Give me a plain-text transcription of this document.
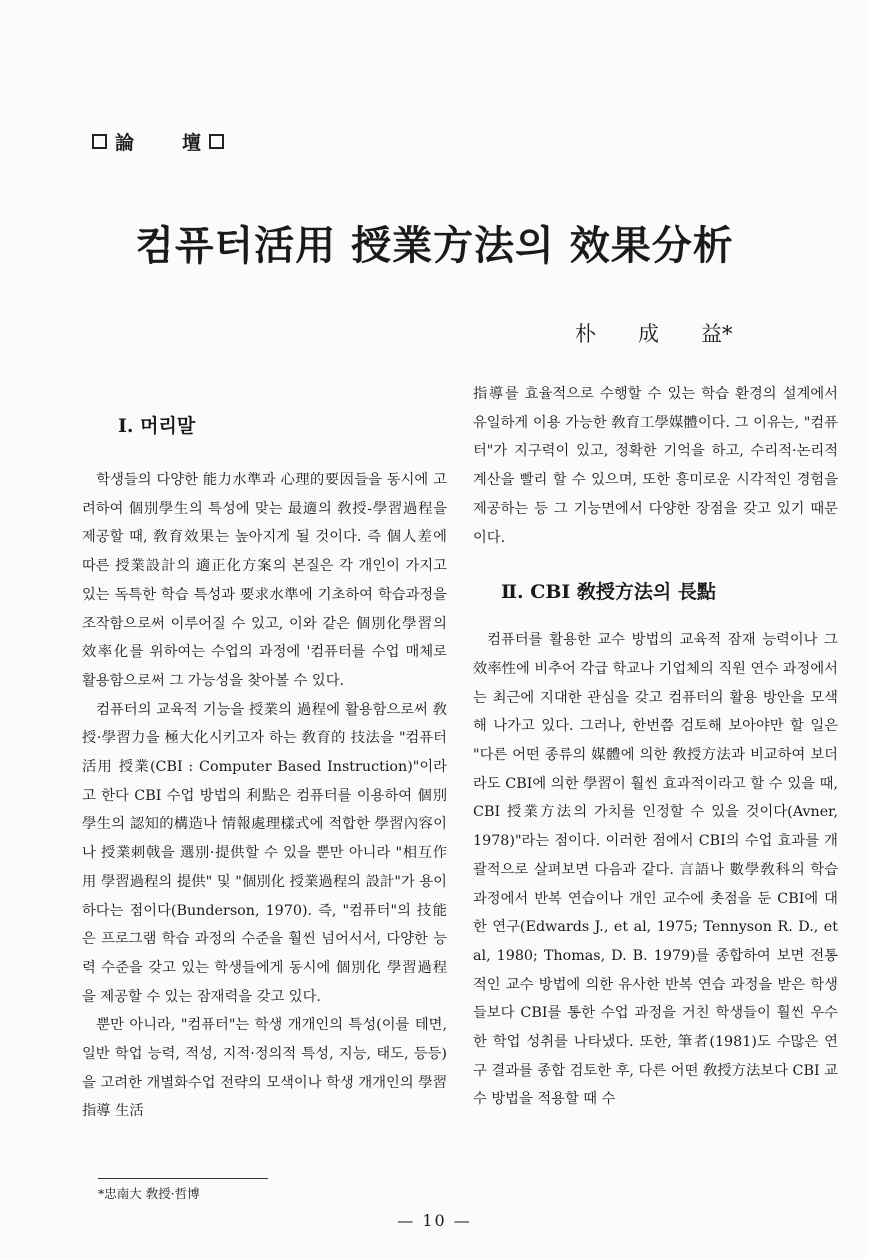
論 壇
컴퓨터活用 授業方法의 效果分析
朴　　成　　益*
Ⅰ. 머리말

학생들의 다양한 能力水準과 心理的要因들을 동시에 고려하여 個別學生의 특성에 맞는 最適의 敎授-學習過程을 제공할 때, 敎育效果는 높아지게 될 것이다. 즉 個人差에 따른 授業設計의 適正化方案의 본질은 각 개인이 가지고 있는 독특한 학습 특성과 要求水準에 기초하여 학습과정을 조작함으로써 이루어질 수 있고, 이와 같은 個別化學習의 效率化를 위하여는 수업의 과정에 '컴퓨터를 수업 매체로 활용함으로써 그 가능성을 찾아볼 수 있다.

컴퓨터의 교육적 기능을 授業의 過程에 활용함으로써 敎授·學習力을 極大化시키고자 하는 敎育的 技法을 "컴퓨터活用 授業(CBI : Computer Based Instruction)"이라고 한다 CBI 수업 방법의 利點은 컴퓨터를 이용하여 個別學生의 認知的構造나 情報處理樣式에 적합한 學習內容이나 授業刺戟을 選別·提供할 수 있을 뿐만 아니라 "相互作用 學習過程의 提供" 및 "個別化 授業過程의 設計"가 용이하다는 점이다(Bunderson, 1970). 즉, "컴퓨터"의 技能은 프로그램 학습 과정의 수준을 훨씬 넘어서서, 다양한 능력 수준을 갖고 있는 학생들에게 동시에 個別化 學習過程을 제공할 수 있는 잠재력을 갖고 있다.

뿐만 아니라, "컴퓨터"는 학생 개개인의 특성(이를 테면, 일반 학업 능력, 적성, 지적·정의적 특성, 지능, 태도, 등등)을 고려한 개별화수업 전략의 모색이나 학생 개개인의 學習指導 生活

指導를 효율적으로 수행할 수 있는 학습 환경의 설계에서 유일하게 이용 가능한 敎育工學媒體이다. 그 이유는, "컴퓨터"가 지구력이 있고, 정확한 기억을 하고, 수리적·논리적 계산을 빨리 할 수 있으며, 또한 흥미로운 시각적인 경험을 제공하는 등 그 기능면에서 다양한 장점을 갖고 있기 때문이다.

Ⅱ. CBI 敎授方法의 長點

컴퓨터를 활용한 교수 방법의 교육적 잠재 능력이나 그 效率性에 비추어 각급 학교나 기업체의 직원 연수 과정에서는 최근에 지대한 관심을 갖고 컴퓨터의 활용 방안을 모색해 나가고 있다. 그러나, 한번쯤 검토해 보아야만 할 일은 "다른 어떤 종류의 媒體에 의한 敎授方法과 비교하여 보더라도 CBI에 의한 學習이 훨씬 효과적이라고 할 수 있을 때, CBI 授業方法의 가치를 인정할 수 있을 것이다(Avner, 1978)"라는 점이다. 이러한 점에서 CBI의 수업 효과를 개괄적으로 살펴보면 다음과 같다. 言語나 數學敎科의 학습과정에서 반복 연습이나 개인 교수에 촛점을 둔 CBI에 대한 연구(Edwards J., et al, 1975; Tennyson R. D., et al, 1980; Thomas, D. B. 1979)를 종합하여 보면 전통적인 교수 방법에 의한 유사한 반복 연습 과정을 받은 학생들보다 CBI를 통한 수업 과정을 거친 학생들이 훨씬 우수한 학업 성취를 나타냈다. 또한, 筆者(1981)도 수많은 연구 결과를 종합 검토한 후, 다른 어떤 敎授方法보다 CBI 교수 방법을 적용할 때 수

*忠南大 敎授·哲博
— 10 —
